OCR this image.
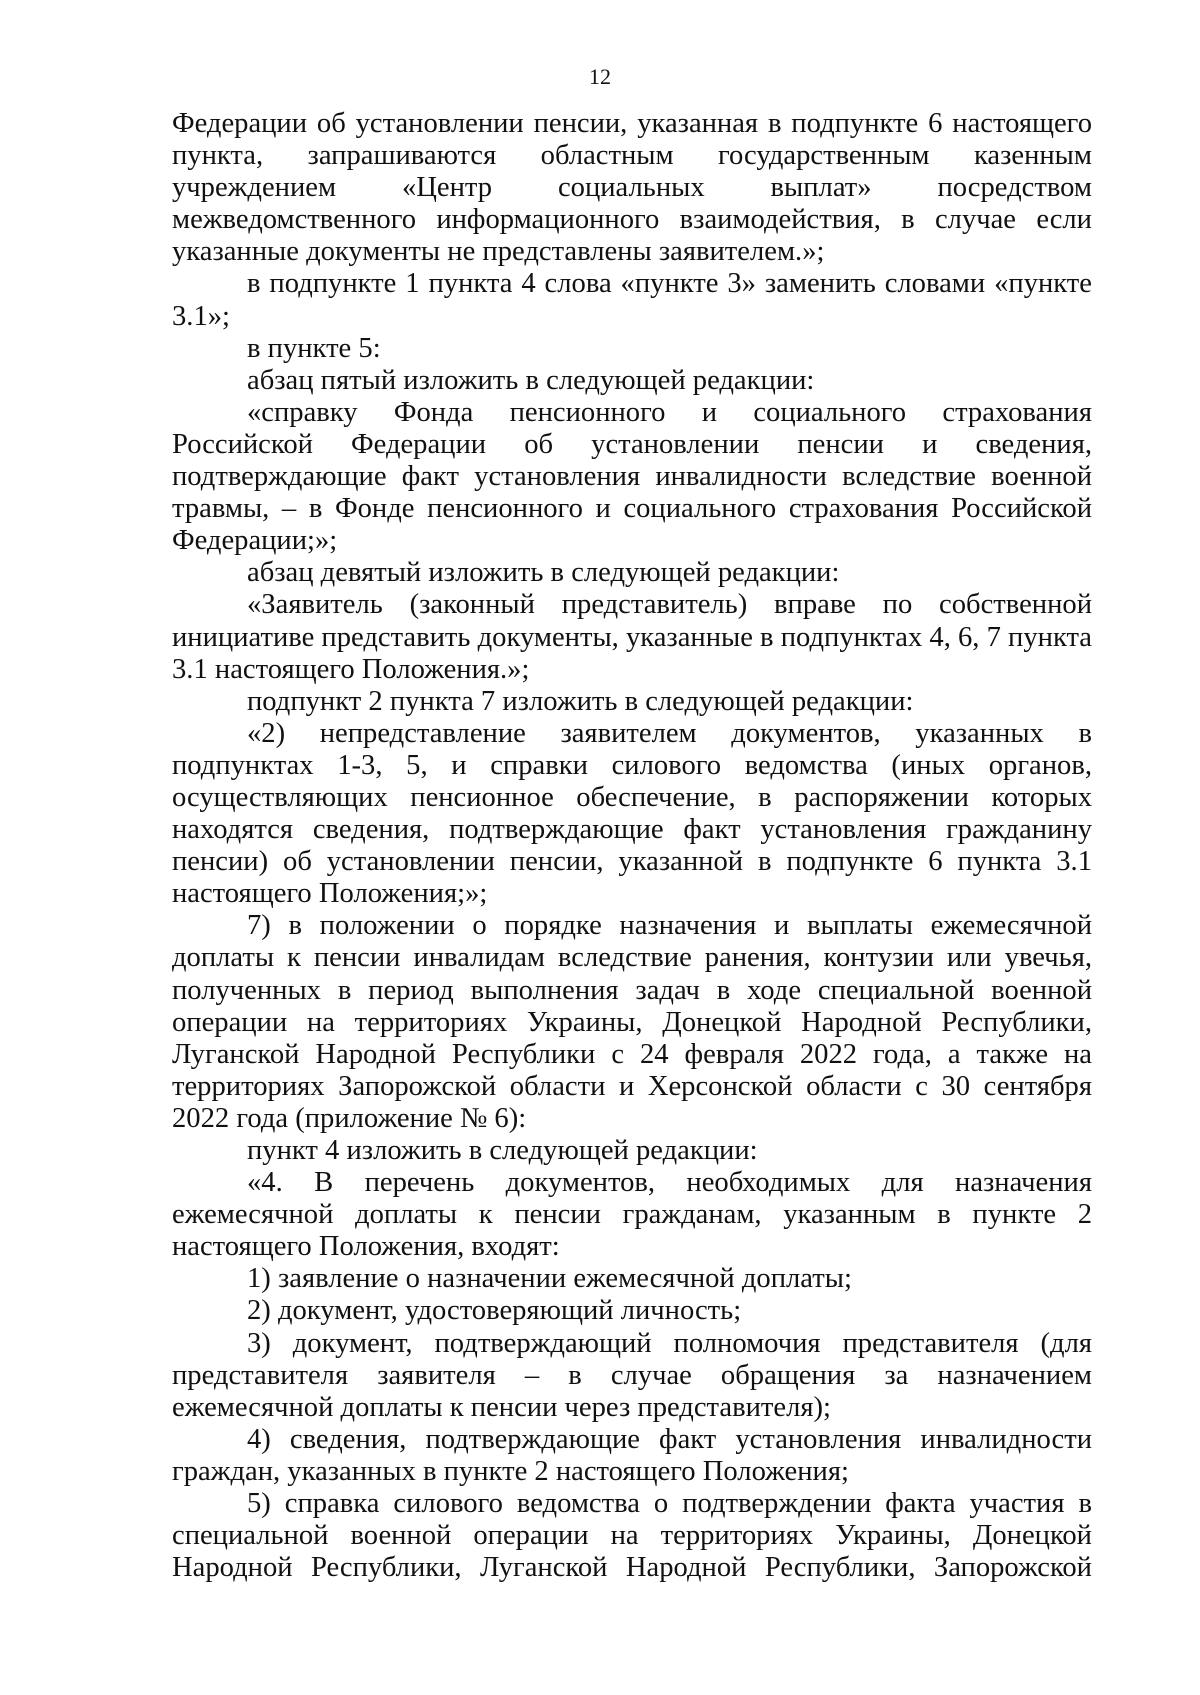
12

Федерации об установлении пенсии, указанная в подпункте 6 настоящего пункта, запрашиваются областным государственным казенным учреждением «Центр социальных выплат» посредством межведомственного информационного взаимодействия, в случае если указанные документы не представлены заявителем.»;

в подпункте 1 пункта 4 слова «пункте 3» заменить словами «пункте 3.1»;

в пункте 5:

абзац пятый изложить в следующей редакции:

«справку Фонда пенсионного и социального страхования Российской Федерации об установлении пенсии и сведения, подтверждающие факт установления инвалидности вследствие военной травмы, – в Фонде пенсионного и социального страхования Российской Федерации;»;

абзац девятый изложить в следующей редакции:

«Заявитель (законный представитель) вправе по собственной инициативе представить документы, указанные в подпунктах 4, 6, 7 пункта 3.1 настоящего Положения.»;

подпункт 2 пункта 7 изложить в следующей редакции:

«2) непредставление заявителем документов, указанных в подпунктах 1-3, 5, и справки силового ведомства (иных органов, осуществляющих пенсионное обеспечение, в распоряжении которых находятся сведения, подтверждающие факт установления гражданину пенсии) об установлении пенсии, указанной в подпункте 6 пункта 3.1 настоящего Положения;»;

7) в положении о порядке назначения и выплаты ежемесячной доплаты к пенсии инвалидам вследствие ранения, контузии или увечья, полученных в период выполнения задач в ходе специальной военной операции на территориях Украины, Донецкой Народной Республики, Луганской Народной Республики с 24 февраля 2022 года, а также на территориях Запорожской области и Херсонской области с 30 сентября 2022 года (приложение № 6):

пункт 4 изложить в следующей редакции:

«4. В перечень документов, необходимых для назначения ежемесячной доплаты к пенсии гражданам, указанным в пункте 2 настоящего Положения, входят:

1) заявление о назначении ежемесячной доплаты;

2) документ, удостоверяющий личность;

3) документ, подтверждающий полномочия представителя (для представителя заявителя – в случае обращения за назначением ежемесячной доплаты к пенсии через представителя);

4) сведения, подтверждающие факт установления инвалидности граждан, указанных в пункте 2 настоящего Положения;

5) справка силового ведомства о подтверждении факта участия в специальной военной операции на территориях Украины, Донецкой Народной Республики, Луганской Народной Республики, Запорожской
